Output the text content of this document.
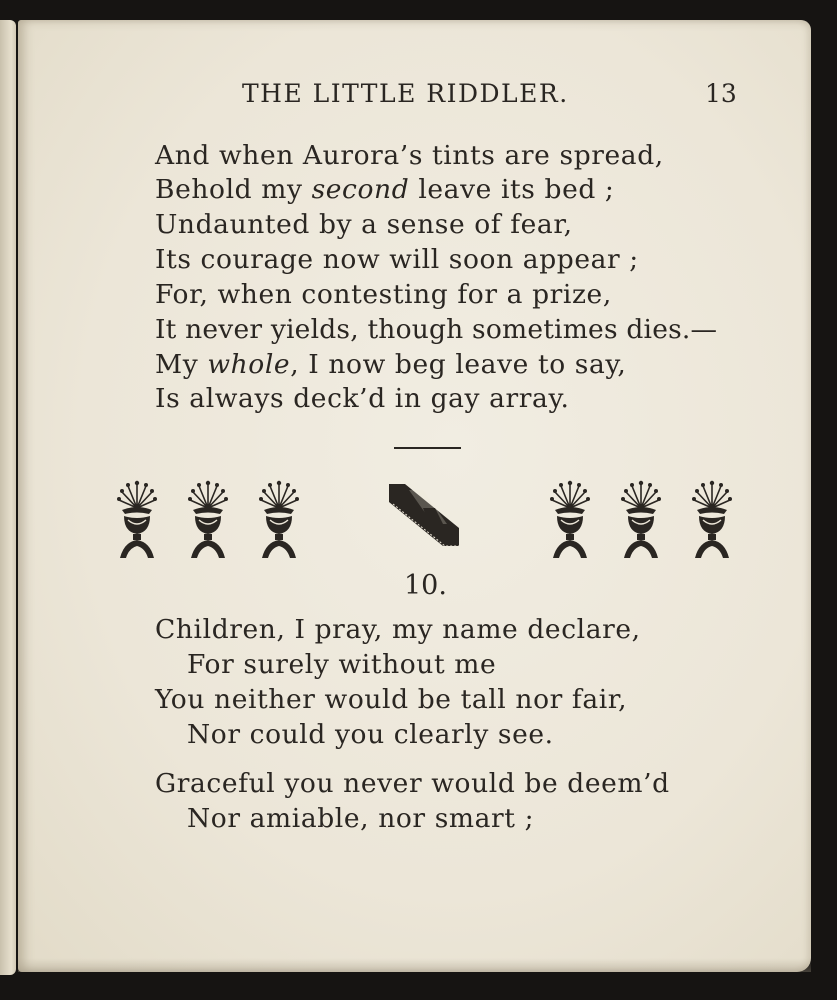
THE LITTLE RIDDLER.	13

And when Aurora’s tints are spread,

Behold my second leave its bed ;

Undaunted by a sense of fear,

Its courage now will soon appear ;

For, when contesting for a prize,

It never yields, though sometimes dies.—

My whole, I now beg leave to say,

Is always deck’d in gay array.

10.

Children, I pray, my name declare,

For surely without me

You neither would be tall nor fair,

Nor could you clearly see.

Graceful you never would be deem’d

Nor amiable, nor smart ;
